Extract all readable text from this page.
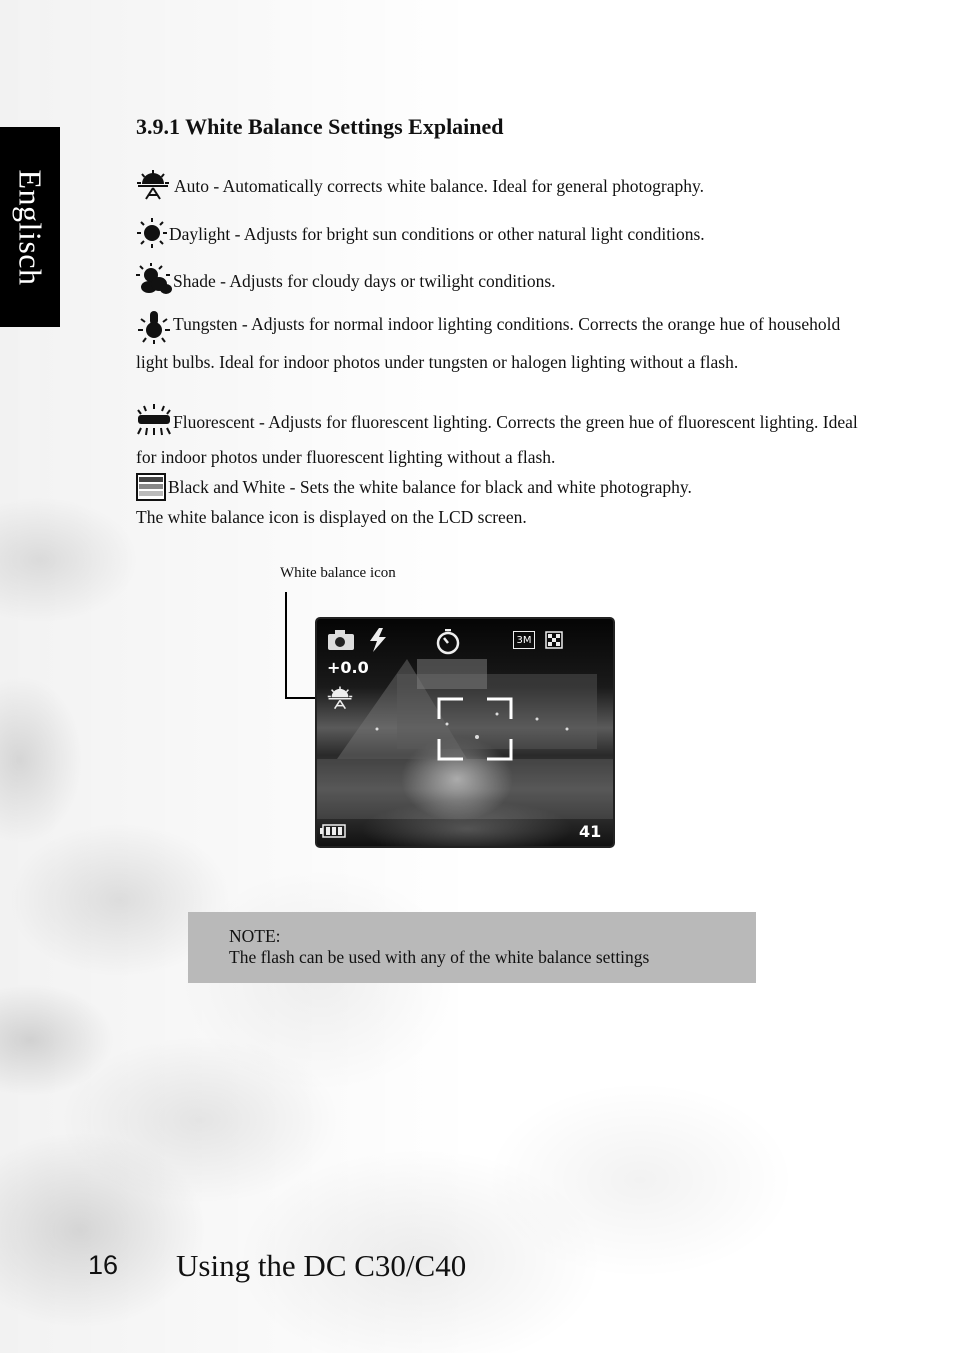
Englisch
3.9.1 White Balance Settings Explained
Auto - Automatically corrects white balance. Ideal for general photography.
Daylight - Adjusts for bright sun conditions or other natural light conditions.
Shade - Adjusts for cloudy days or twilight conditions.
Tungsten - Adjusts for normal indoor lighting conditions. Corrects the orange hue of household light bulbs. Ideal for indoor photos under tungsten or halogen lighting without a flash.
Fluorescent - Adjusts for fluorescent lighting. Corrects the green hue of fluorescent lighting. Ideal for indoor photos under fluorescent lighting without a flash.
Black and White - Sets the white balance for black and white photography.
The white balance icon is displayed on the LCD screen.
White balance icon
3M
+0.0
41
NOTE:
The flash can be used with any of the white balance settings
16 Using the DC C30/C40
